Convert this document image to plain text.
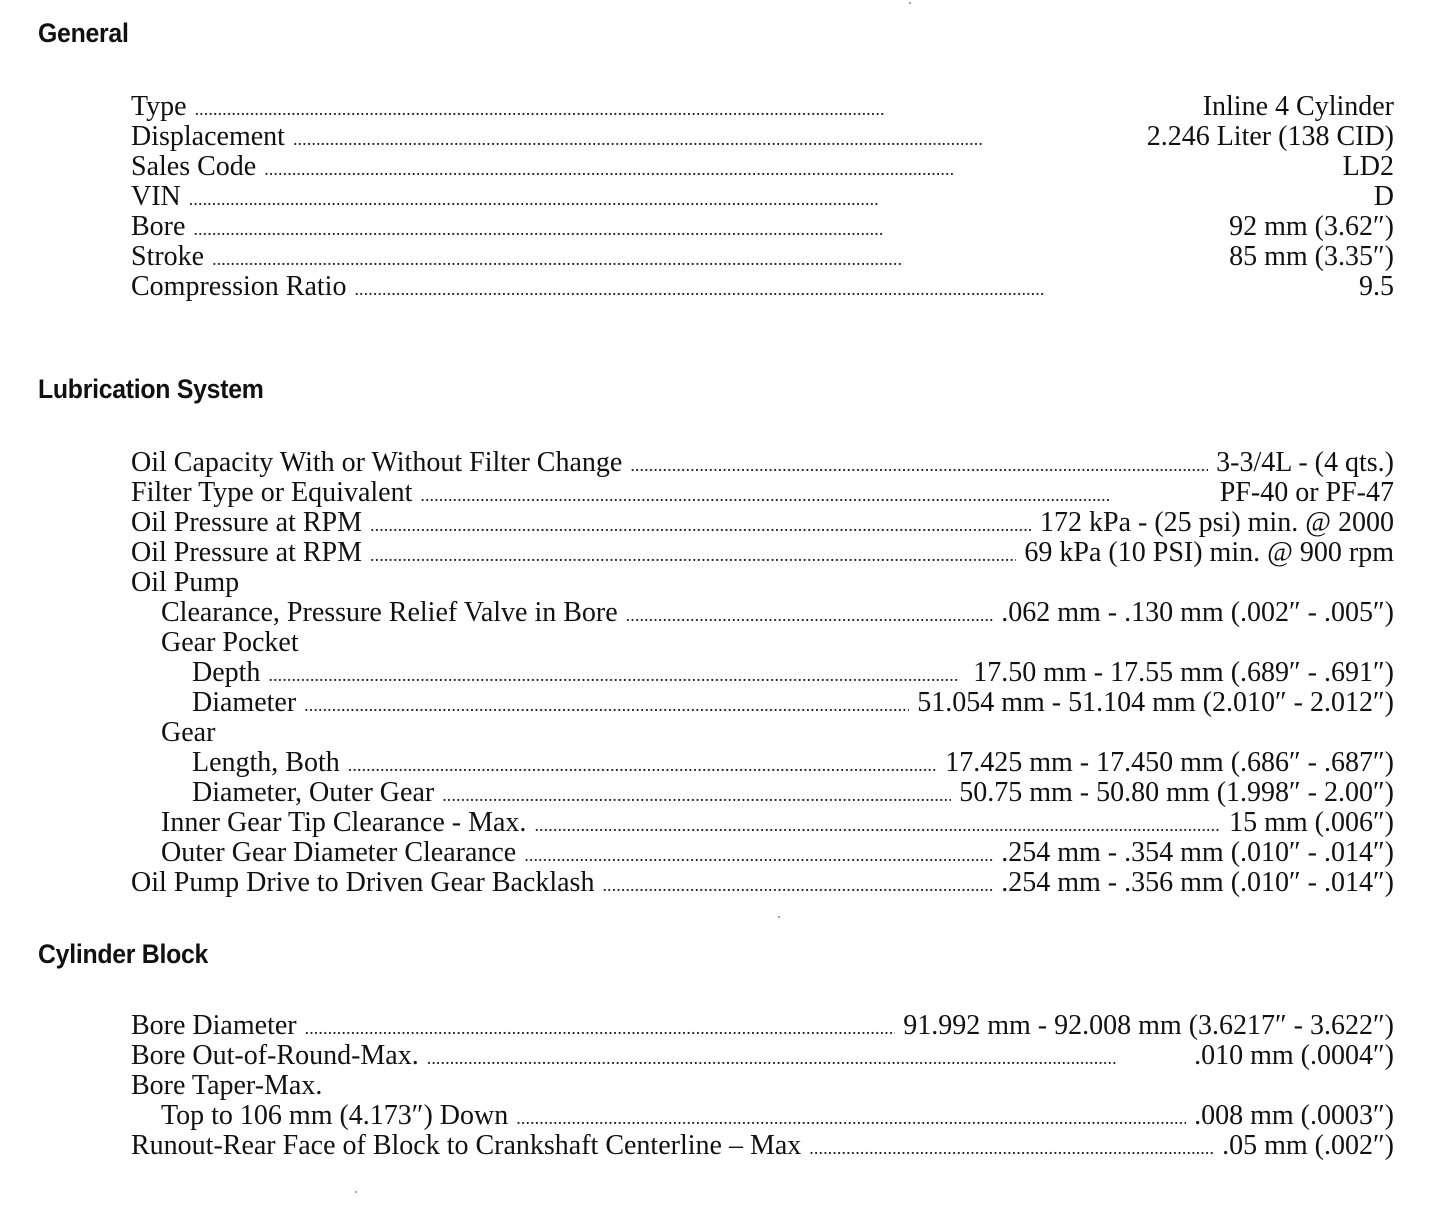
General
Type . . .	Inline 4 Cylinder
Displacement . . .	2.246 Liter (138 CID)
Sales Code . . .	LD2
VIN . . .	D
Bore . . .	92 mm (3.62″)
Stroke . . .	85 mm (3.35″)
Compression Ratio . . .	9.5
Lubrication System
Oil Capacity With or Without Filter Change . . .	3-3/4L - (4 qts.)
Filter Type or Equivalent . . .	PF-40 or PF-47
Oil Pressure at RPM . . .	172 kPa - (25 psi) min. @ 2000
Oil Pressure at RPM . . .	69 kPa (10 PSI) min. @ 900 rpm
Oil Pump
Clearance, Pressure Relief Valve in Bore . . .	.062 mm - .130 mm (.002″ - .005″)
Gear Pocket
Depth . . .	17.50 mm - 17.55 mm (.689″ - .691″)
Diameter . . .	51.054 mm - 51.104 mm (2.010″ - 2.012″)
Gear
Length, Both . . .	17.425 mm - 17.450 mm (.686″ - .687″)
Diameter, Outer Gear . . .	50.75 mm - 50.80 mm (1.998″ - 2.00″)
Inner Gear Tip Clearance - Max. . . .	15 mm (.006″)
Outer Gear Diameter Clearance . . .	.254 mm - .354 mm (.010″ - .014″)
Oil Pump Drive to Driven Gear Backlash . . .	.254 mm - .356 mm (.010″ - .014″)
Cylinder Block
Bore Diameter . . .	91.992 mm - 92.008 mm (3.6217″ - 3.622″)
Bore Out-of-Round-Max. . . .	.010 mm (.0004″)
Bore Taper-Max.
Top to 106 mm (4.173″) Down . . .	.008 mm (.0003″)
Runout-Rear Face of Block to Crankshaft Centerline – Max . . .	.05 mm (.002″)
